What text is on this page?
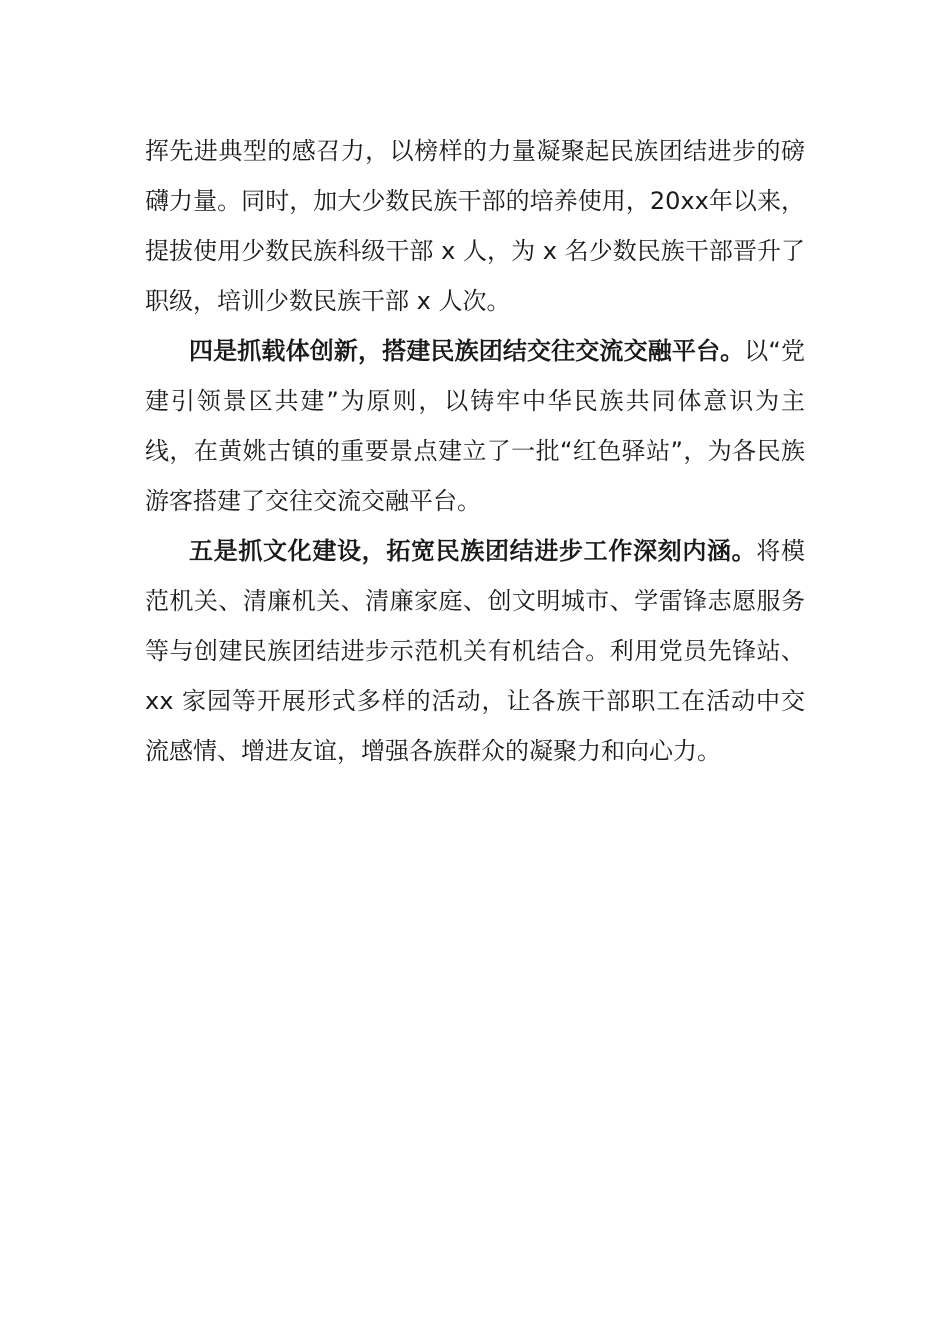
挥先进典型的感召力，以榜样的力量凝聚起民族团结进步的磅礴力量。同时，加大少数民族干部的培养使用，20xx年以来，提拔使用少数民族科级干部 x 人，为 x 名少数民族干部晋升了职级，培训少数民族干部 x 人次。

四是抓载体创新，搭建民族团结交往交流交融平台。以“党建引领景区共建”为原则，以铸牢中华民族共同体意识为主线，在黄姚古镇的重要景点建立了一批“红色驿站”，为各民族游客搭建了交往交流交融平台。

五是抓文化建设，拓宽民族团结进步工作深刻内涵。将模范机关、清廉机关、清廉家庭、创文明城市、学雷锋志愿服务等与创建民族团结进步示范机关有机结合。利用党员先锋站、xx 家园等开展形式多样的活动，让各族干部职工在活动中交流感情、增进友谊，增强各族群众的凝聚力和向心力。
